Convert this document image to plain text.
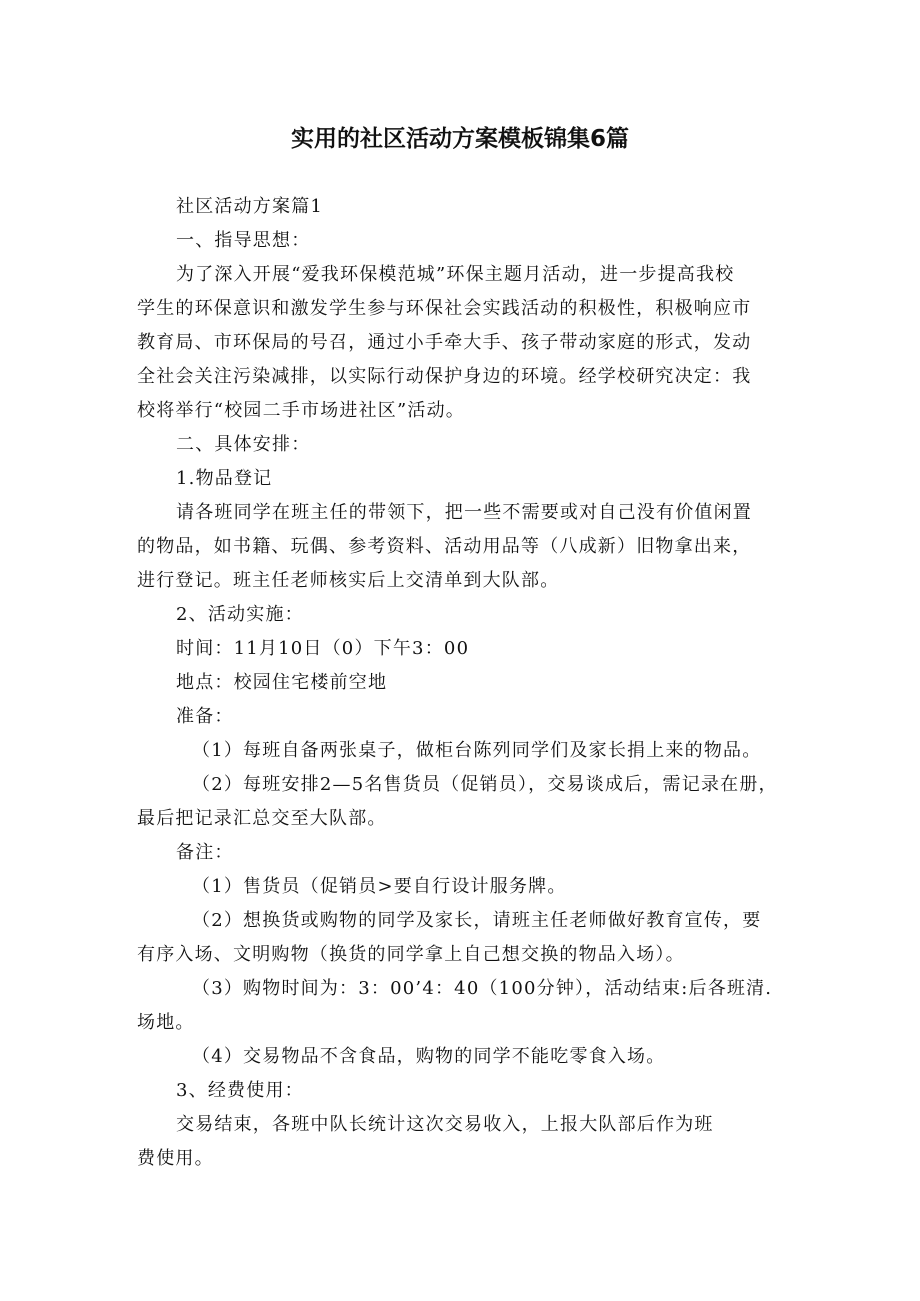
实用的社区活动方案模板锦集6篇
社区活动方案篇1
一、指导思想：
为了深入开展“爱我环保模范城”环保主题月活动，进一步提高我校
学生的环保意识和激发学生参与环保社会实践活动的积极性，积极响应市
教育局、市环保局的号召，通过小手牵大手、孩子带动家庭的形式，发动
全社会关注污染减排，以实际行动保护身边的环境。经学校研究决定：我
校将举行“校园二手市场进社区”活动。
二、具体安排：
1.物品登记
请各班同学在班主任的带领下，把一些不需要或对自己没有价值闲置
的物品，如书籍、玩偶、参考资料、活动用品等（八成新）旧物拿出来，
进行登记。班主任老师核实后上交清单到大队部。
2、活动实施：
时间：11月10日（0）下午3：00
地点：校园住宅楼前空地
准备：
（1）每班自备两张桌子，做柜台陈列同学们及家长捐上来的物品。
（2）每班安排2—5名售货员（促销员），交易谈成后，需记录在册，
最后把记录汇总交至大队部。
备注：
（1）售货员（促销员>要自行设计服务牌。
（2）想换货或购物的同学及家长，请班主任老师做好教育宣传，要
有序入场、文明购物（换货的同学拿上自己想交换的物品入场）。
（3）购物时间为：3：00’4：40（100分钟），活动结束:后各班清.
场地。
（4）交易物品不含食品，购物的同学不能吃零食入场。
3、经费使用：
交易结束，各班中队长统计这次交易收入，上报大队部后作为班
费使用。
